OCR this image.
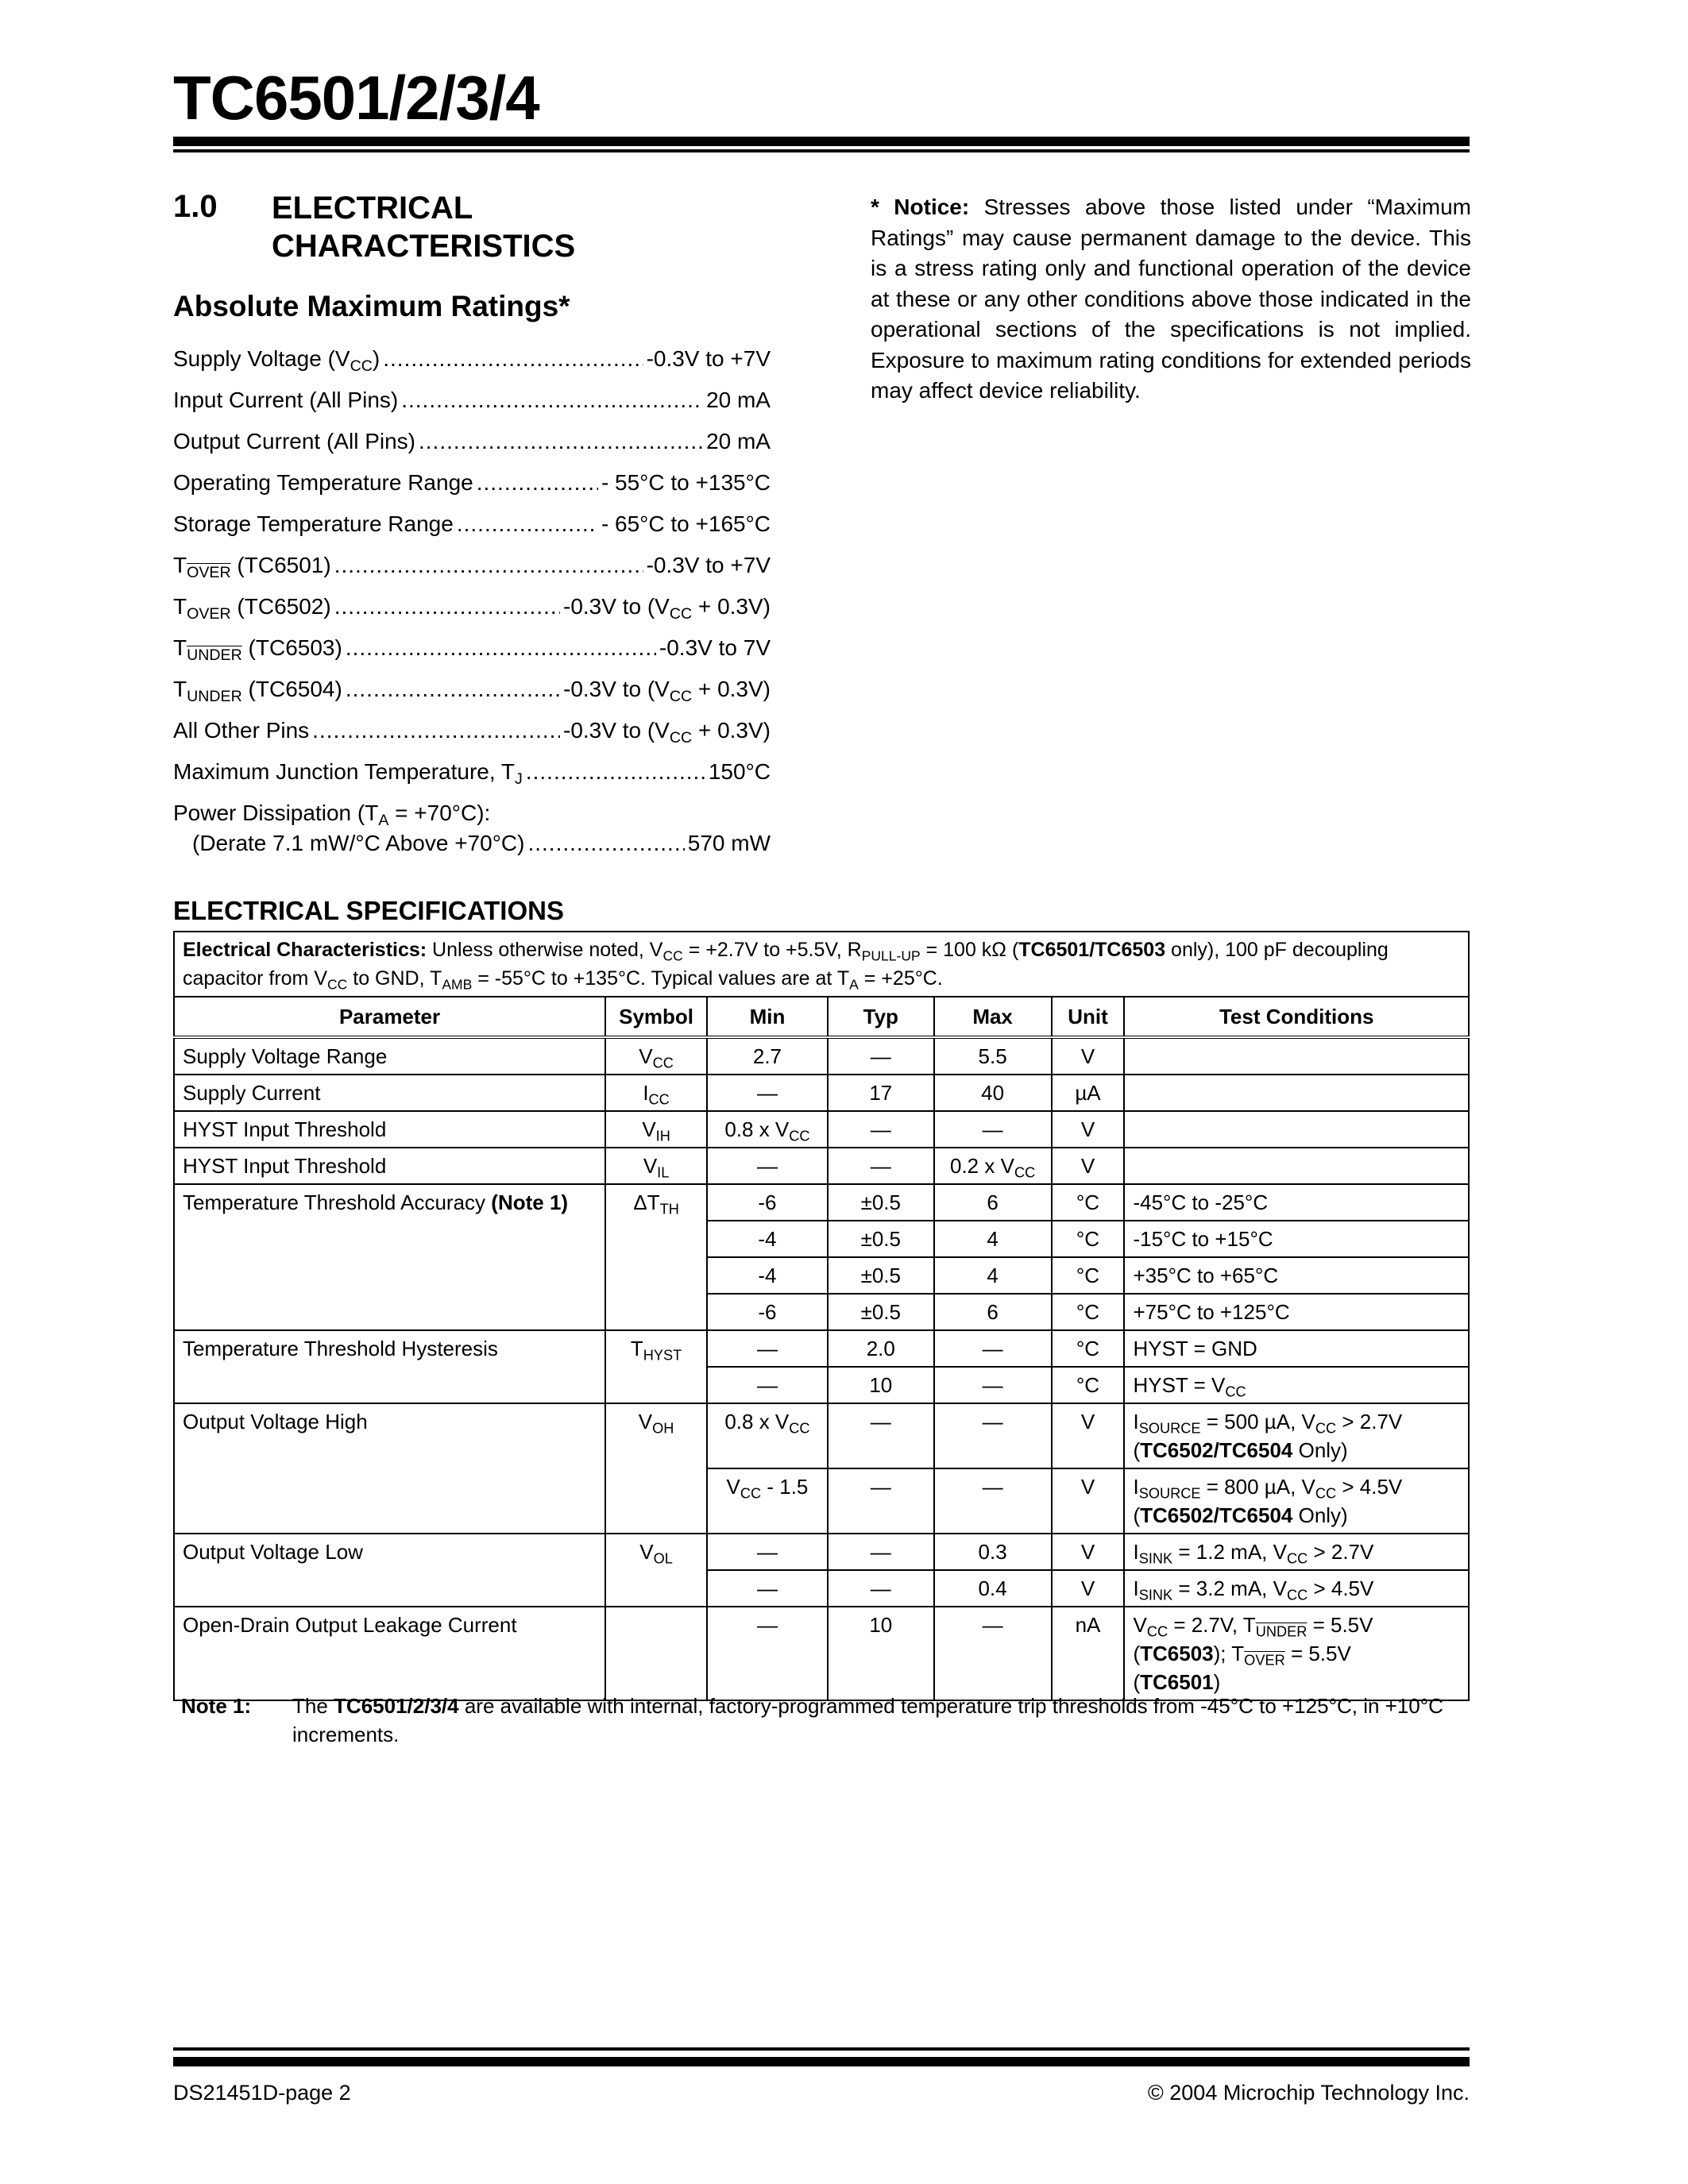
TC6501/2/3/4
1.0 ELECTRICAL
CHARACTERISTICS
Absolute Maximum Ratings*
Supply Voltage $(V_{CC})$ .....	-0.3V to +7V
Input Current (All Pins) .....	20 mA
Output Current (All Pins) .....	20 mA
Operating Temperature Range .....	- 55°C to +135°C
Storage Temperature Range .....	- 65°C to +165°C
$T_{OVER}$ (TC6501) .....	-0.3V to +7V
$T_{OVER}$ (TC6502) .....	-0.3V to $(V_{CC} + 0.3V)$
$T_{UNDER}$ (TC6503) .....	-0.3V to 7V
$T_{UNDER}$ (TC6504) .....	-0.3V to $(V_{CC} + 0.3V)$
All Other Pins .....	-0.3V to $(V_{CC} + 0.3V)$
Maximum Junction Temperature, $T_J$ .....	150°C
Power Dissipation $(T_A = +70^\circ C)$:
(Derate 7.1 mW/°C Above +70°C) .....	570 mW
* Notice: Stresses above those listed under “Maximum Ratings” may cause permanent damage to the device. This is a stress rating only and functional operation of the device at these or any other conditions above those indicated in the operational sections of the specifications is not implied. Exposure to maximum rating conditions for extended periods may affect device reliability.
ELECTRICAL SPECIFICATIONS
Electrical Characteristics: Unless otherwise noted, $V_{CC} = +2.7V$ to +5.5V, $R_{PULL-UP} = 100$ kΩ (TC6501/TC6503 only), 100 pF decoupling capacitor from $V_{CC}$ to GND, $T_{AMB} = -55^\circ C$ to +135°C. Typical values are at $T_A = +25^\circ C$.						
Parameter	Symbol	Min	Typ	Max	Unit	Test Conditions
Supply Voltage Range	$V_{CC}$	2.7	—	5.5	V	
Supply Current	$I_{CC}$	—	17	40	µA	
HYST Input Threshold	$V_{IH}$	0.8 x $V_{CC}$	—	—	V	
HYST Input Threshold	$V_{IL}$	—	—	0.2 x $V_{CC}$	V	
Temperature Threshold Accuracy (Note 1)	$\Delta T_{TH}$	-6	±0.5	6	°C	-45°C to -25°C
		-4	±0.5	4	°C	-15°C to +15°C
		-4	±0.5	4	°C	+35°C to +65°C
		-6	±0.5	6	°C	+75°C to +125°C
Temperature Threshold Hysteresis	$T_{HYST}$	—	2.0	—	°C	HYST = GND
		—	10	—	°C	HYST = $V_{CC}$
Output Voltage High	$V_{OH}$	0.8 x $V_{CC}$	—	—	V	$I_{SOURCE} = 500$ µA, $V_{CC} > 2.7V$
(TC6502/TC6504 Only)
		$V_{CC} - 1.5$	—	—	V	$I_{SOURCE} = 800$ µA, $V_{CC} > 4.5V$
(TC6502/TC6504 Only)
Output Voltage Low	$V_{OL}$	—	—	0.3	V	$I_{SINK} = 1.2$ mA, $V_{CC} > 2.7V$
		—	—	0.4	V	$I_{SINK} = 3.2$ mA, $V_{CC} > 4.5V$
Open-Drain Output Leakage Current		—	10	—	nA	$V_{CC} = 2.7V$, $T_{UNDER} = 5.5V$
(TC6503); $T_{OVER} = 5.5V$
(TC6501)
Note 1: The TC6501/2/3/4 are available with internal, factory-programmed temperature trip thresholds from -45°C to +125°C, in +10°C increments.
DS21451D-page 2	© 2004 Microchip Technology Inc.
